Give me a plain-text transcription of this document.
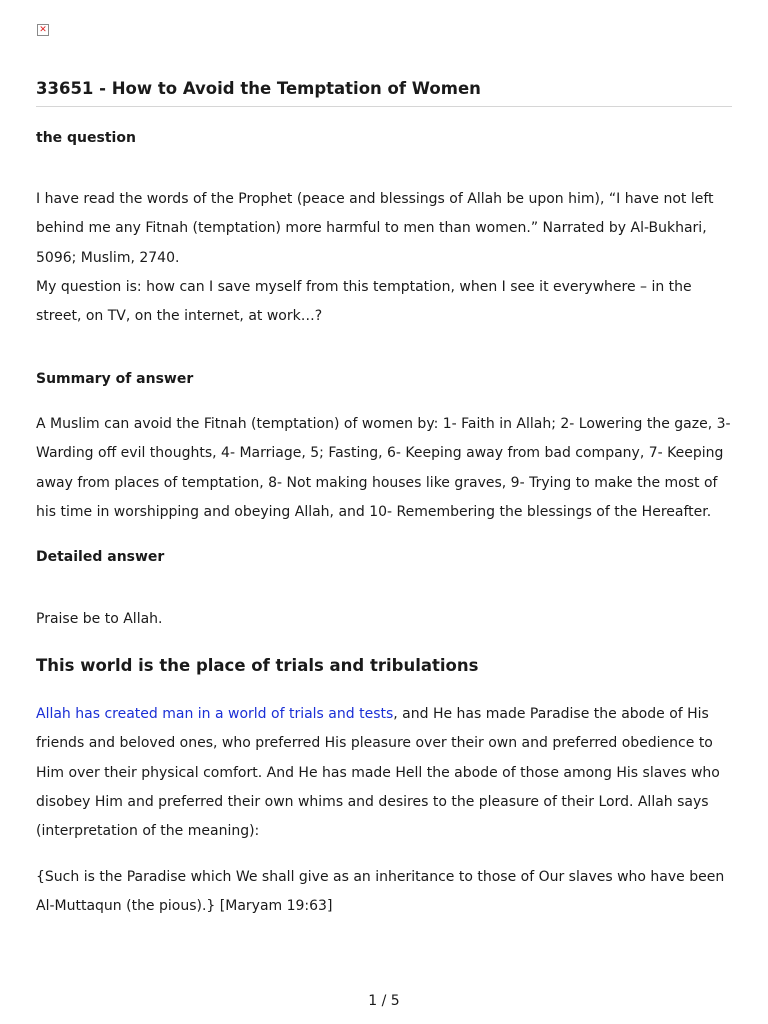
✕
33651 - How to Avoid the Temptation of Women
the question

I have read the words of the Prophet (peace and blessings of Allah be upon him), “I have not left behind me any Fitnah (temptation) more harmful to men than women.” Narrated by Al-Bukhari, 5096; Muslim, 2740.

My question is: how can I save myself from this temptation, when I see it everywhere – in the street, on TV, on the internet, at work…?

Summary of answer

A Muslim can avoid the Fitnah (temptation) of women by: 1- Faith in Allah; 2- Lowering the gaze, 3- Warding off evil thoughts, 4- Marriage, 5; Fasting, 6- Keeping away from bad company, 7- Keeping away from places of temptation, 8- Not making houses like graves, 9- Trying to make the most of his time in worshipping and obeying Allah, and 10- Remembering the blessings of the Hereafter.

Detailed answer

Praise be to Allah.

This world is the place of trials and tribulations

Allah has created man in a world of trials and tests, and He has made Paradise the abode of His friends and beloved ones, who preferred His pleasure over their own and preferred obedience to Him over their physical comfort. And He has made Hell the abode of those among His slaves who disobey Him and preferred their own whims and desires to the pleasure of their Lord. Allah says (interpretation of the meaning):

{Such is the Paradise which We shall give as an inheritance to those of Our slaves who have been Al-Muttaqun (the pious).} [Maryam 19:63]

1 / 5
